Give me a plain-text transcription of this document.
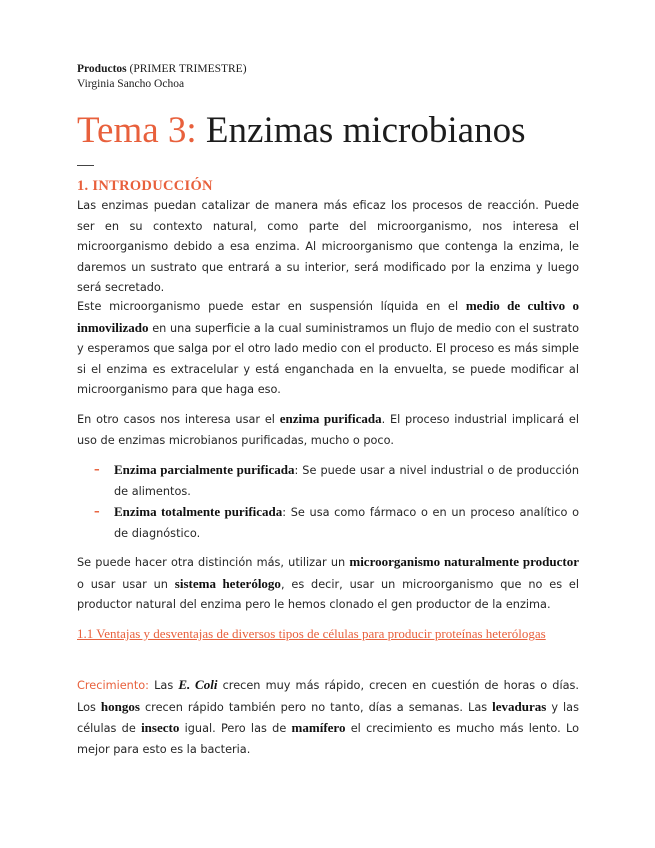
Productos (PRIMER TRIMESTRE)
Virginia Sancho Ochoa
Tema 3: Enzimas microbianos
1. INTRODUCCIÓN

Las enzimas puedan catalizar de manera más eficaz los procesos de reacción. Puede ser en su contexto natural, como parte del microorganismo, nos interesa el microorganismo debido a esa enzima. Al microorganismo que contenga la enzima, le daremos un sustrato que entrará a su interior, será modificado por la enzima y luego será secretado.

Este microorganismo puede estar en suspensión líquida en el medio de cultivo o inmovilizado en una superficie a la cual suministramos un flujo de medio con el sustrato y esperamos que salga por el otro lado medio con el producto. El proceso es más simple si el enzima es extracelular y está enganchada en la envuelta, se puede modificar al microorganismo para que haga eso.

En otro casos nos interesa usar el enzima purificada. El proceso industrial implicará el uso de enzimas microbianos purificadas, mucho o poco.

– Enzima parcialmente purificada: Se puede usar a nivel industrial o de producción de alimentos.
– Enzima totalmente purificada: Se usa como fármaco o en un proceso analítico o de diagnóstico.

Se puede hacer otra distinción más, utilizar un microorganismo naturalmente productor o usar usar un sistema heterólogo, es decir, usar un microorganismo que no es el productor natural del enzima pero le hemos clonado el gen productor de la enzima.

1.1 Ventajas y desventajas de diversos tipos de células para producir proteínas heterólogas

Crecimiento: Las E. Coli crecen muy más rápido, crecen en cuestión de horas o días. Los hongos crecen rápido también pero no tanto, días a semanas. Las levaduras y las células de insecto igual. Pero las de mamífero el crecimiento es mucho más lento. Lo mejor para esto es la bacteria.
